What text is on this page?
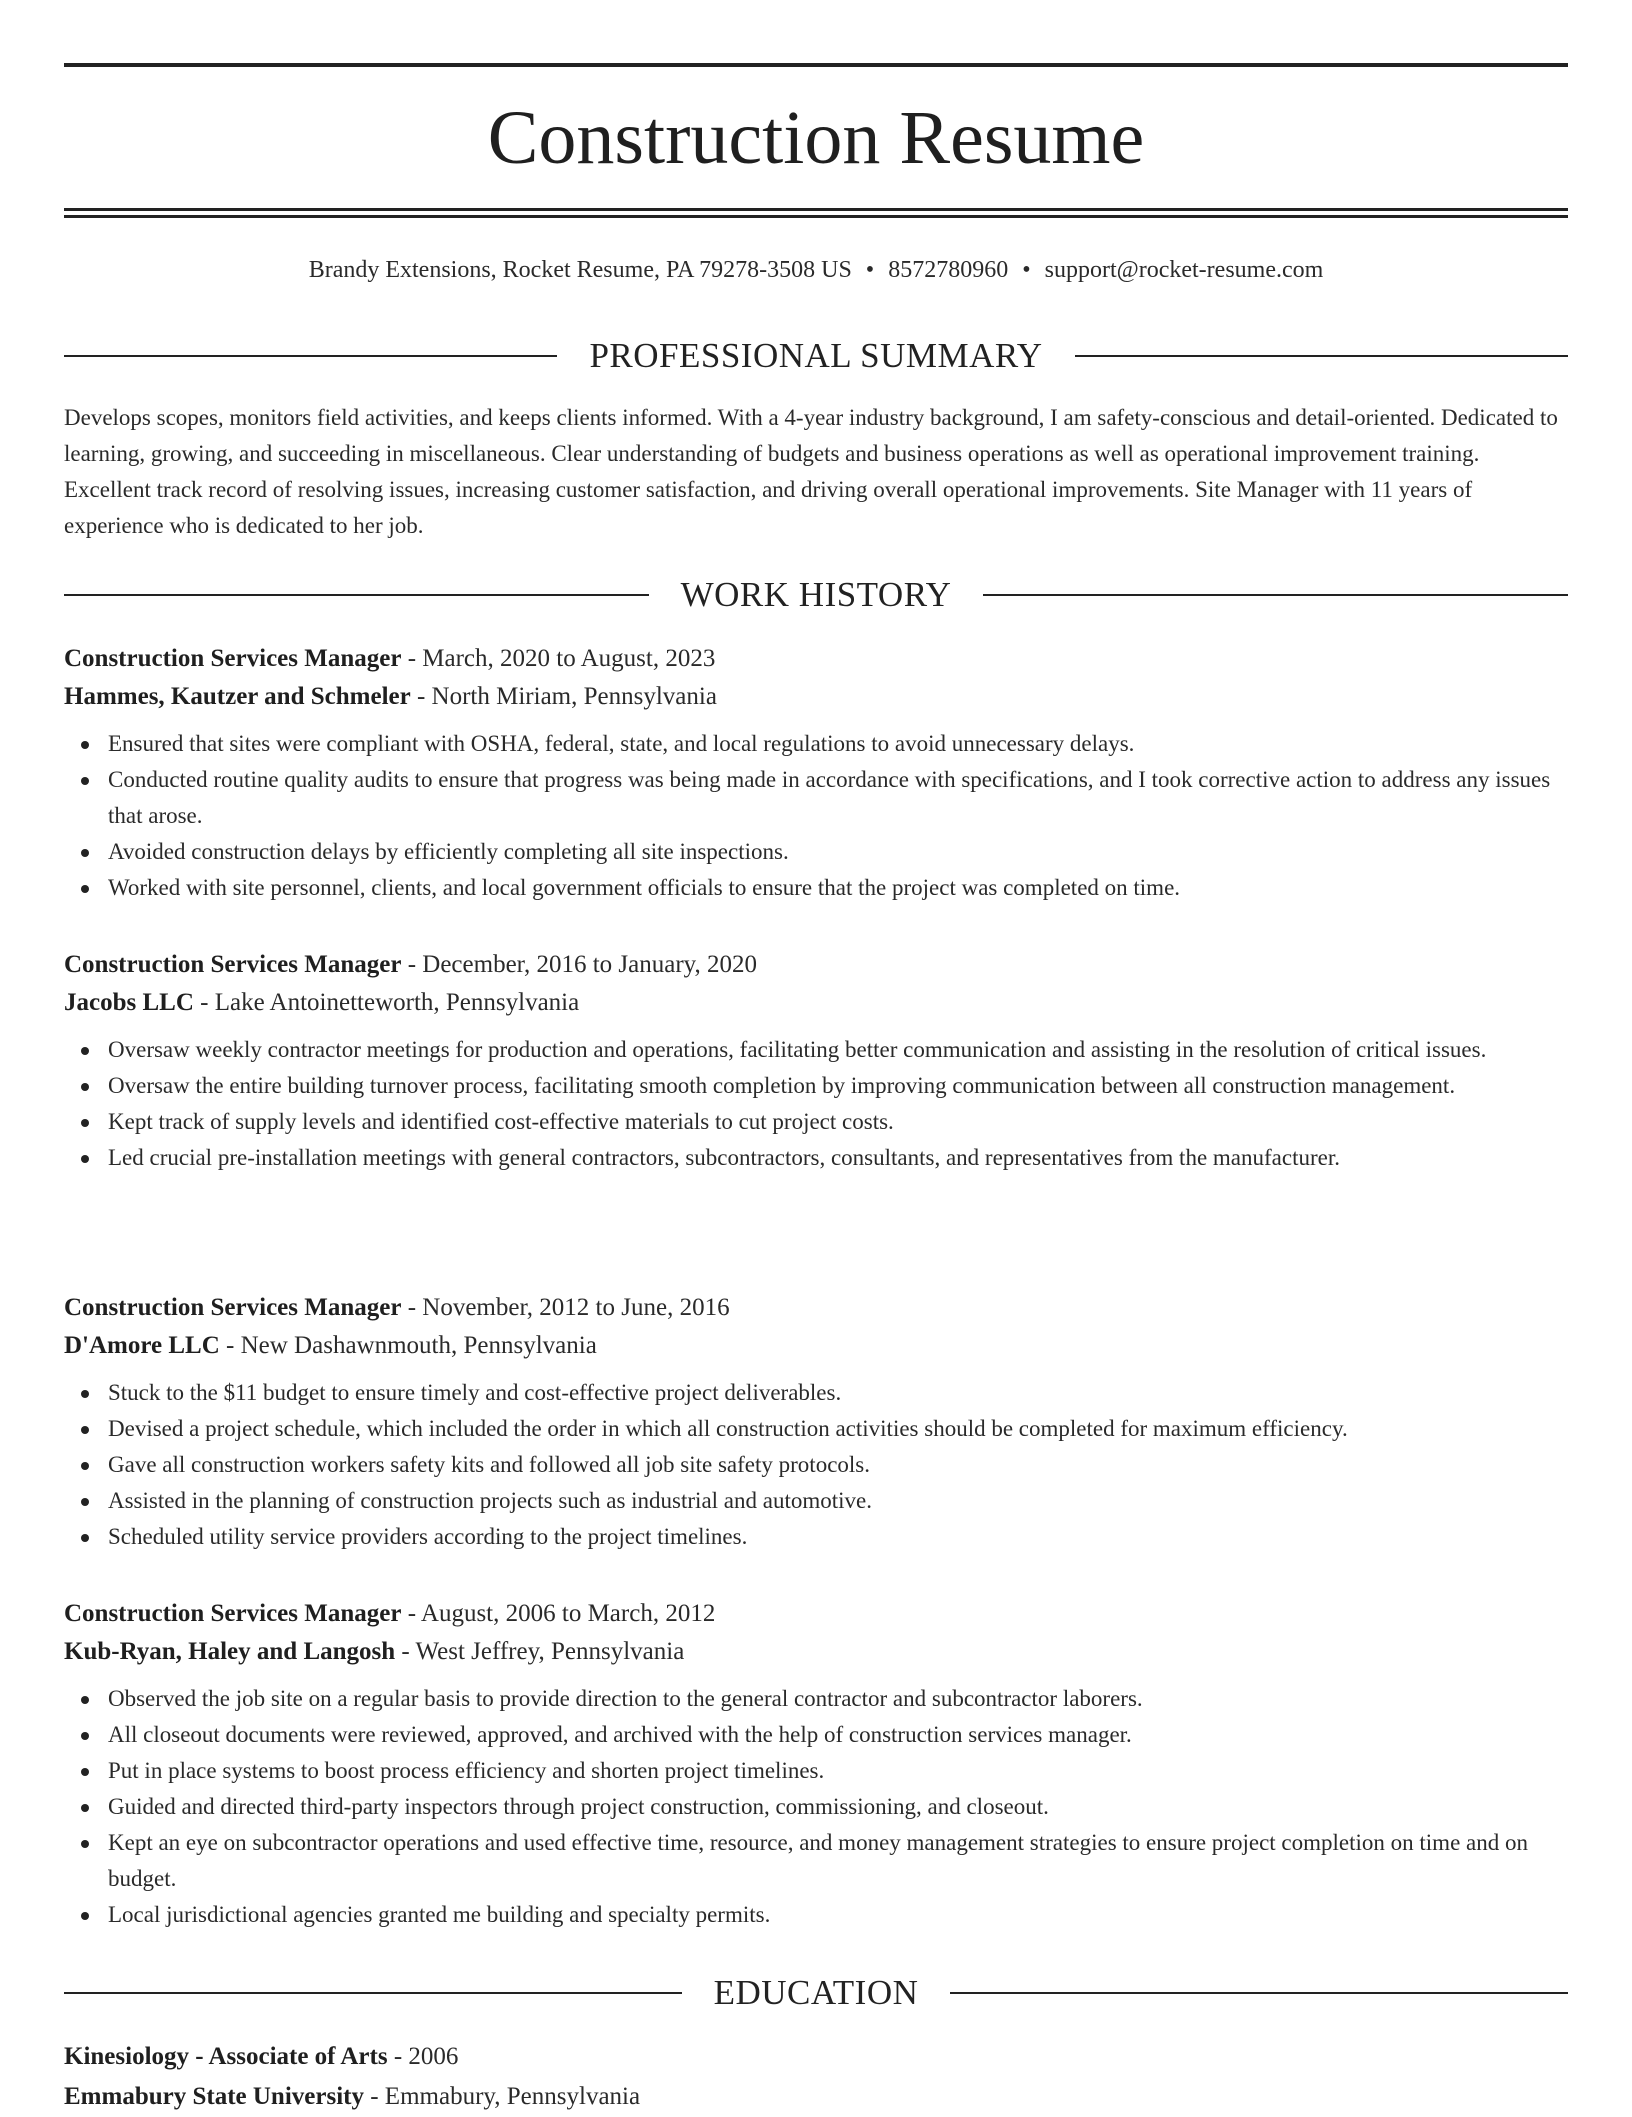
Construction Resume
Brandy Extensions, Rocket Resume, PA 79278-3508 US • 8572780960 • support@rocket-resume.com
PROFESSIONAL SUMMARY
Develops scopes, monitors field activities, and keeps clients informed. With a 4-year industry background, I am safety-conscious and detail-oriented. Dedicated to learning, growing, and succeeding in miscellaneous. Clear understanding of budgets and business operations as well as operational improvement training. Excellent track record of resolving issues, increasing customer satisfaction, and driving overall operational improvements. Site Manager with 11 years of experience who is dedicated to her job.
WORK HISTORY
Construction Services Manager - March, 2020 to August, 2023
Hammes, Kautzer and Schmeler - North Miriam, Pennsylvania
Ensured that sites were compliant with OSHA, federal, state, and local regulations to avoid unnecessary delays.
Conducted routine quality audits to ensure that progress was being made in accordance with specifications, and I took corrective action to address any issues that arose.
Avoided construction delays by efficiently completing all site inspections.
Worked with site personnel, clients, and local government officials to ensure that the project was completed on time.
Construction Services Manager - December, 2016 to January, 2020
Jacobs LLC - Lake Antoinetteworth, Pennsylvania
Oversaw weekly contractor meetings for production and operations, facilitating better communication and assisting in the resolution of critical issues.
Oversaw the entire building turnover process, facilitating smooth completion by improving communication between all construction management.
Kept track of supply levels and identified cost-effective materials to cut project costs.
Led crucial pre-installation meetings with general contractors, subcontractors, consultants, and representatives from the manufacturer.
Construction Services Manager - November, 2012 to June, 2016
D'Amore LLC - New Dashawnmouth, Pennsylvania
Stuck to the $11 budget to ensure timely and cost-effective project deliverables.
Devised a project schedule, which included the order in which all construction activities should be completed for maximum efficiency.
Gave all construction workers safety kits and followed all job site safety protocols.
Assisted in the planning of construction projects such as industrial and automotive.
Scheduled utility service providers according to the project timelines.
Construction Services Manager - August, 2006 to March, 2012
Kub-Ryan, Haley and Langosh - West Jeffrey, Pennsylvania
Observed the job site on a regular basis to provide direction to the general contractor and subcontractor laborers.
All closeout documents were reviewed, approved, and archived with the help of construction services manager.
Put in place systems to boost process efficiency and shorten project timelines.
Guided and directed third-party inspectors through project construction, commissioning, and closeout.
Kept an eye on subcontractor operations and used effective time, resource, and money management strategies to ensure project completion on time and on budget.
Local jurisdictional agencies granted me building and specialty permits.
EDUCATION
Kinesiology - Associate of Arts - 2006
Emmabury State University - Emmabury, Pennsylvania
